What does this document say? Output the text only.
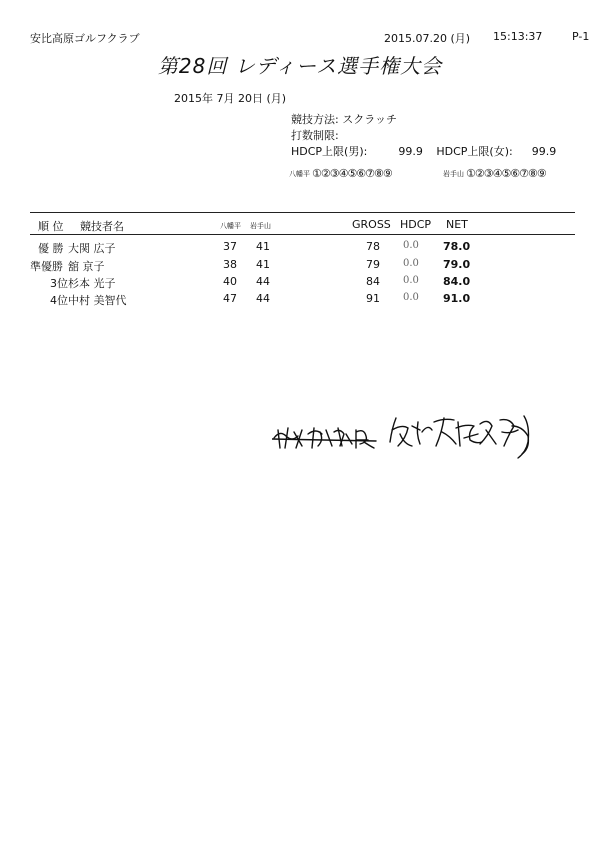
安比高原ゴルフクラブ	2015.07.20 (月) 15:13:37	P-1
第28回 レディース選手権大会
2015年 7月 20日 (月)
競技方法: スクラッチ
打数制限:
HDCP上限(男):	99.9 HDCP上限(女): 99.9
八幡平 ①②③④⑤⑥⑦⑧⑨	岩手山 ①②③④⑤⑥⑦⑧⑨
順 位 競技者名	八幡平 岩手山	GROSS HDCP NET
優 勝 大関 広子	37 41	78 0.0 78.0
準優勝 舘 京子	38 41	79 0.0 79.0
3位 杉本 光子	40 44	84 0.0 84.0
4位 中村 美智代	47 44	91 0.0 91.0
